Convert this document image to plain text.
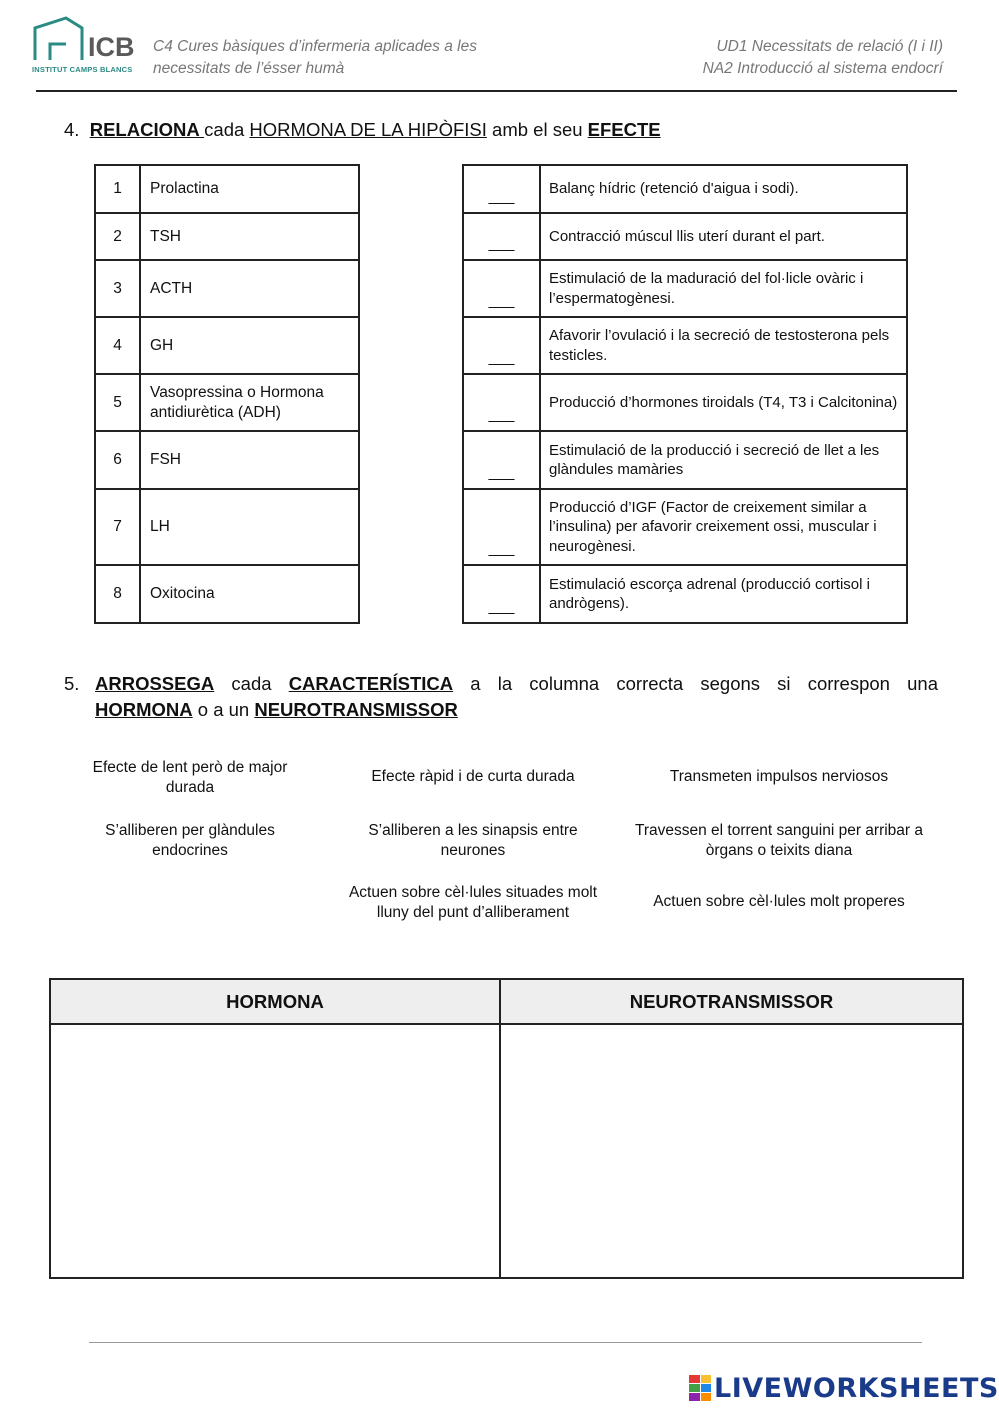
ICB
INSTITUT CAMPS BLANCS
C4 Cures bàsiques d’infermeria aplicades a les
necessitats de l’ésser humà
UD1 Necessitats de relació (I i II)
NA2 Introducció al sistema endocrí
4. RELACIONA cada HORMONA DE LA HIPÒFISI amb el seu EFECTE
1	Prolactina
2	TSH
3	ACTH
4	GH
5	Vasopressina o Hormona antidiurètica (ADH)
6	FSH
7	LH
8	Oxitocina
___	Balanç hídric (retenció d'aigua i sodi).
___	Contracció múscul llis uterí durant el part.
___	Estimulació de la maduració del fol·licle ovàric i l’espermatogènesi.
___	Afavorir l’ovulació i la secreció de testosterona pels testicles.
___	Producció d’hormones tiroidals (T4, T3 i Calcitonina)
___	Estimulació de la producció i secreció de llet a les glàndules mamàries
___	Producció d’IGF (Factor de creixement similar a l’insulina) per afavorir creixement ossi, muscular i neurogènesi.
___	Estimulació escorça adrenal (producció cortisol i andrògens).
5. ARROSSEGA cada CARACTERÍSTICA a la columna correcta segons si correspon una
HORMONA o a un NEUROTRANSMISSOR
Efecte de lent però de major durada
Efecte ràpid i de curta durada	Transmeten impulsos nerviosos
S’alliberen per glàndules endocrines
S’alliberen a les sinapsis entre neurones
Travessen el torrent sanguini per arribar a òrgans o teixits diana
Actuen sobre cèl·lules situades molt lluny del punt d’alliberament
Actuen sobre cèl·lules molt properes
HORMONA	NEUROTRANSMISSOR

LIVEWORKSHEETS
